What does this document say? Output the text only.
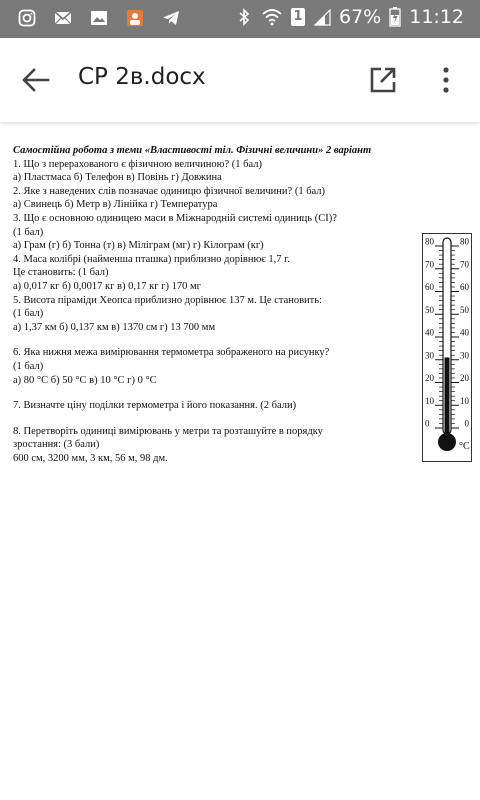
1 67% 11:12
СР 2в.docx
Самостійна робота з теми «Властивості тіл. Фізичні величини» 2 варіант
1. Що з перерахованого є фізичною величиною? (1 бал)
а) Пластмаса б) Телефон в) Повінь г) Довжина
2. Яке з наведених слів позначає одиницю фізичної величини? (1 бал)
а) Свинець б) Метр в) Лінійка г) Температура
3. Що є основною одиницею маси в Міжнародній системі одиниць (СІ)?
(1 бал)
а) Грам (г) б) Тонна (т) в) Міліграм (мг) г) Кілограм (кг)
4. Маса колібрі (найменша пташка) приблизно дорівнює 1,7 г.
Це становить: (1 бал)
а) 0,017 кг б) 0,0017 кг в) 0,17 кг г) 170 мг
5. Висота піраміди Хеопса приблизно дорівнює 137 м. Це становить:
(1 бал)
а) 1,37 км б) 0,137 км в) 1370 см г) 13 700 мм
6. Яка нижня межа вимірювання термометра зображеного на рисунку?
(1 бал)
а) 80 °С б) 50 °С в) 10 °С г) 0 °С
7. Визначте ціну поділки термометра і його показання. (2 бали)
8. Перетворіть одиниці вимірювань у метри та розташуйте в порядку
зростання: (3 бали)
600 см, 3200 мм, 3 км, 56 м, 98 дм.
80	80
70	70
60	60
50	50
40	40
30	30
20	20
10	10
0	0
°С
